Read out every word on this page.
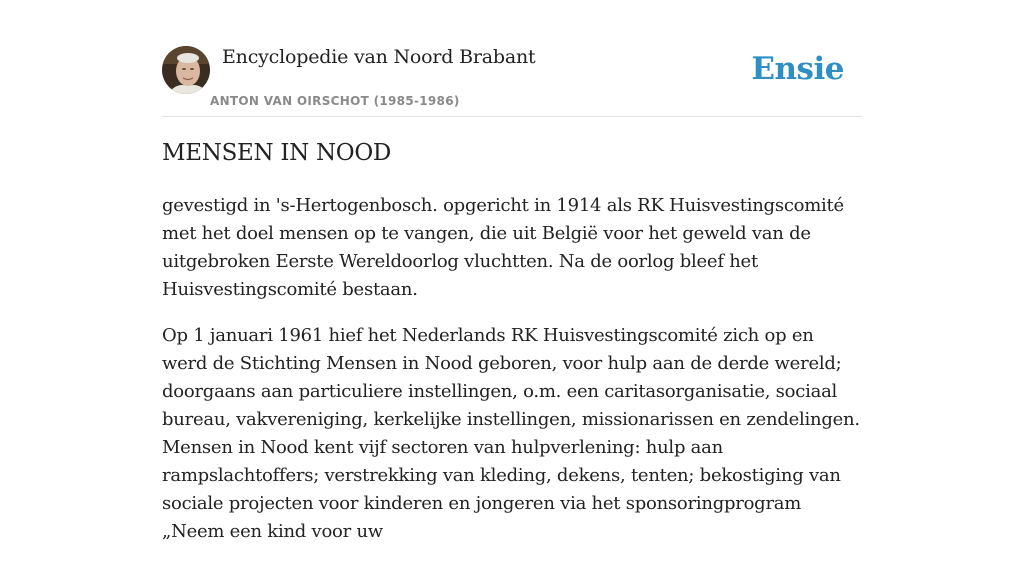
Encyclopedie van Noord Brabant
ANTON VAN OIRSCHOT (1985-1986)
Ensie
MENSEN IN NOOD

gevestigd in 's-Hertogenbosch. opgericht in 1914 als RK Huisvestingscomité met het doel mensen op te vangen, die uit België voor het geweld van de uitgebroken Eerste Wereldoorlog vluchtten. Na de oorlog bleef het Huisvestingscomité bestaan.

Op 1 januari 1961 hief het Nederlands RK Huisvestingscomité zich op en werd de Stichting Mensen in Nood geboren, voor hulp aan de derde wereld; doorgaans aan particuliere instellingen, o.m. een caritasorganisatie, sociaal bureau, vakvereniging, kerkelijke instellingen, missionarissen en zendelingen. Mensen in Nood kent vijf sectoren van hulpverlening: hulp aan rampslachtoffers; verstrekking van kleding, dekens, tenten; bekostiging van sociale projecten voor kinderen en jongeren via het sponsoringprogram „Neem een kind voor uw
